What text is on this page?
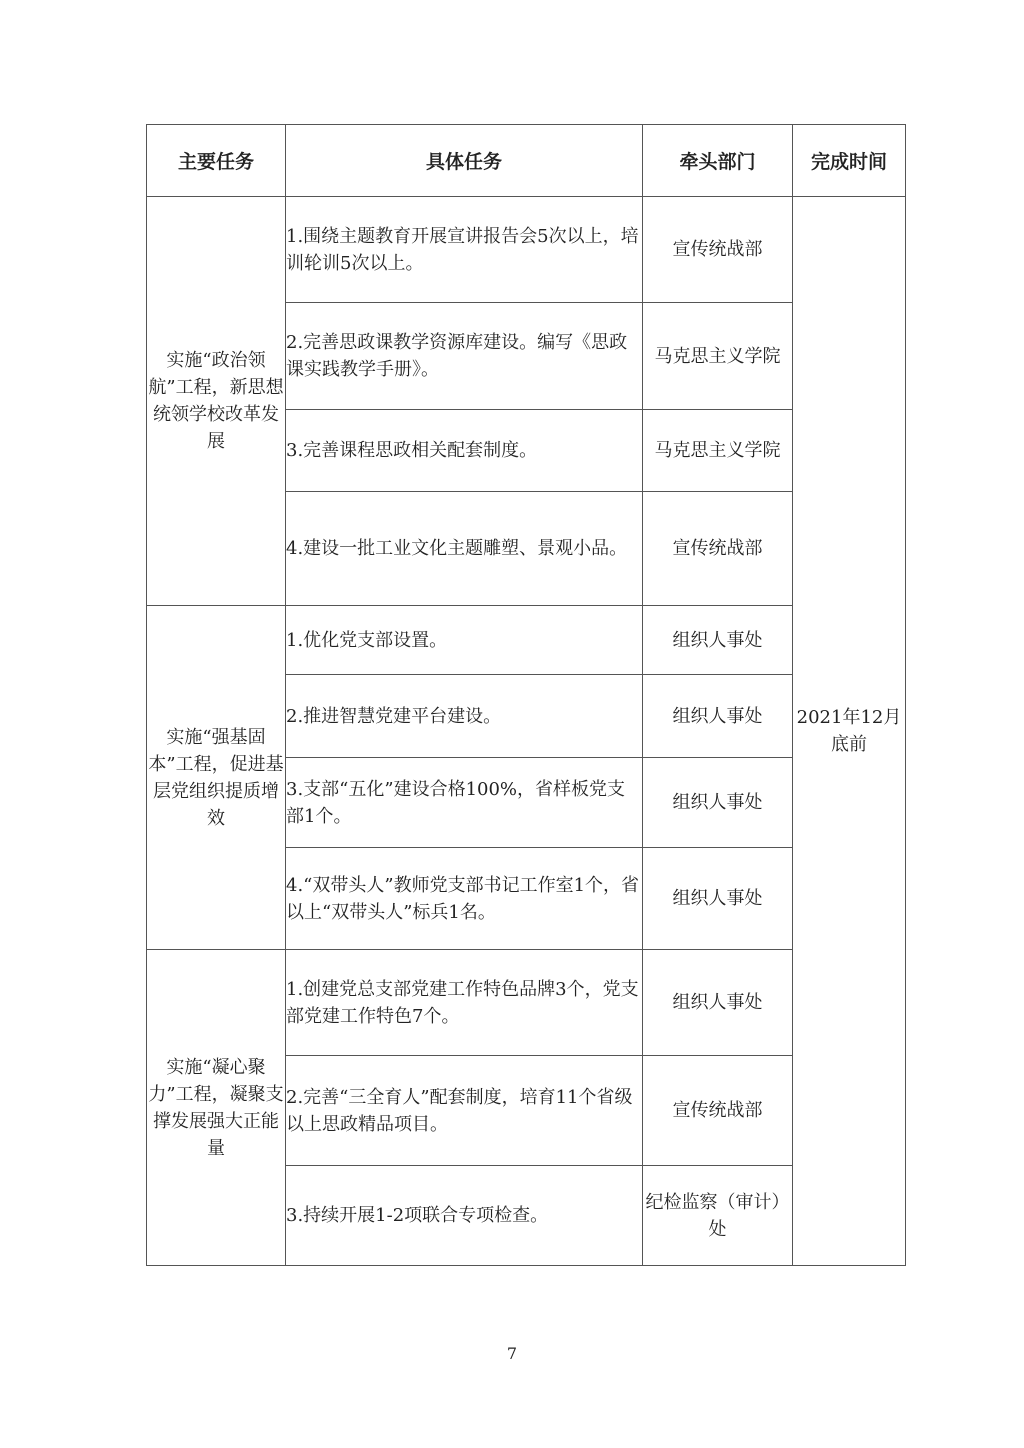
主要任务	具体任务	牵头部门	完成时间
实施“政治领航”工程，新思想统领学校改革发展	1.围绕主题教育开展宣讲报告会5次以上，培训轮训5次以上。	宣传统战部	2021年12月底前
	2.完善思政课教学资源库建设。编写《思政课实践教学手册》。	马克思主义学院	
	3.完善课程思政相关配套制度。	马克思主义学院	
	4.建设一批工业文化主题雕塑、景观小品。	宣传统战部	
实施“强基固本”工程，促进基层党组织提质增效	1.优化党支部设置。	组织人事处	
	2.推进智慧党建平台建设。	组织人事处	
	3.支部“五化”建设合格100%，省样板党支部1个。	组织人事处	
	4.“双带头人”教师党支部书记工作室1个，省以上“双带头人”标兵1名。	组织人事处	
实施“凝心聚力”工程，凝聚支撑发展强大正能量	1.创建党总支部党建工作特色品牌3个，党支部党建工作特色7个。	组织人事处	
	2.完善“三全育人”配套制度，培育11个省级以上思政精品项目。	宣传统战部	
	3.持续开展1-2项联合专项检查。	纪检监察（审计）处	
7
